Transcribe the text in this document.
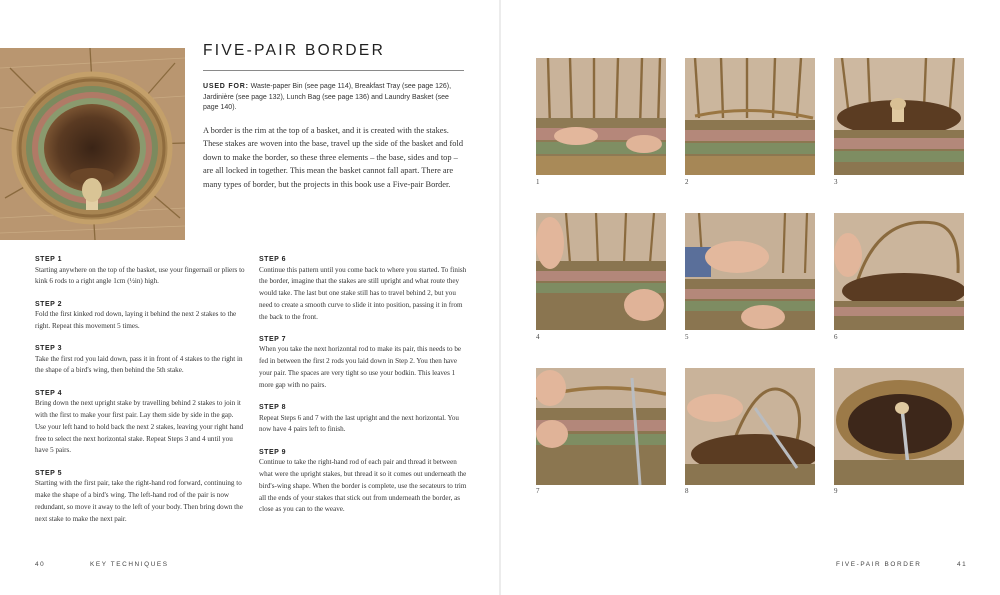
FIVE-PAIR BORDER
USED FOR: Waste-paper Bin (see page 114), Breakfast Tray (see page 126), Jardinière (see page 132), Lunch Bag (see page 136) and Laundry Basket (see page 140).
A border is the rim at the top of a basket, and it is created with the stakes. These stakes are woven into the base, travel up the side of the basket and fold down to make the border, so these three elements – the base, sides and top – are all locked in together. This mean the basket cannot fall apart. There are many types of border, but the projects in this book use a Five-pair Border.
STEP 1

Starting anywhere on the top of the basket, use your fingernail or pliers to kink 6 rods to a right angle 1cm (½in) high.

STEP 2

Fold the first kinked rod down, laying it behind the next 2 stakes to the right. Repeat this movement 5 times.

STEP 3

Take the first rod you laid down, pass it in front of 4 stakes to the right in the shape of a bird's wing, then behind the 5th stake.

STEP 4

Bring down the next upright stake by travelling behind 2 stakes to join it with the first to make your first pair. Lay them side by side in the gap. Use your left hand to hold back the next 2 stakes, leaving your right hand free to select the next horizontal stake. Repeat Steps 3 and 4 until you have 5 pairs.

STEP 5

Starting with the first pair, take the right-hand rod forward, continuing to make the shape of a bird's wing. The left-hand rod of the pair is now redundant, so move it away to the left of your body. Then bring down the next stake to make the next pair.

STEP 6

Continue this pattern until you come back to where you started. To finish the border, imagine that the stakes are still upright and what route they would take. The last but one stake still has to travel behind 2, but you need to create a smooth curve to slide it into position, passing it in from the back to the front.

STEP 7

When you take the next horizontal rod to make its pair, this needs to be fed in between the first 2 rods you laid down in Step 2. You then have your pair. The spaces are very tight so use your bodkin. This leaves 1 more gap with no pairs.

STEP 8

Repeat Steps 6 and 7 with the last upright and the next horizontal. You now have 4 pairs left to finish.

STEP 9

Continue to take the right-hand rod of each pair and thread it between what were the upright stakes, but thread it so it comes out underneath the bird's-wing shape. When the border is complete, use the secateurs to trim all the ends of your stakes that stick out from underneath the border, as close as you can to the weave.

1	2	3
4	5	6
7	8	9
40	KEY TECHNIQUES	FIVE-PAIR BORDER	41
